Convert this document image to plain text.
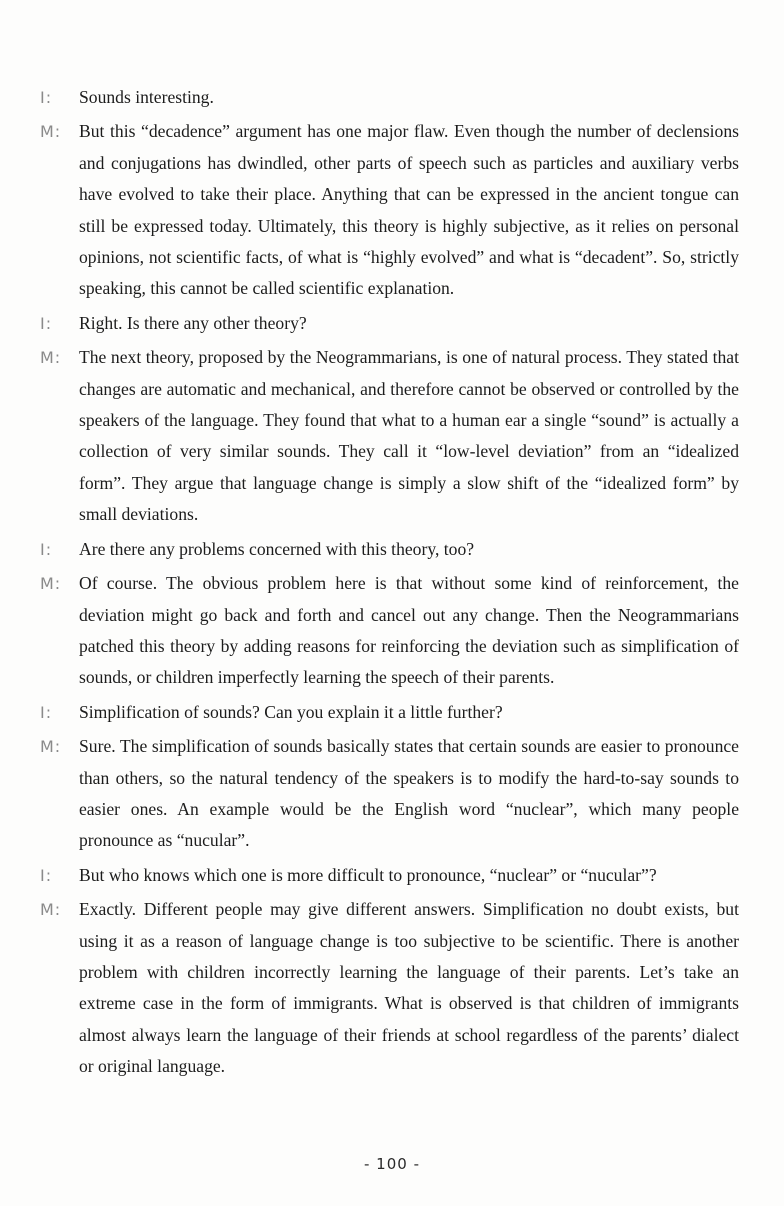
I:	Sounds interesting.
M:	But this “decadence” argument has one major flaw. Even though the number of declensions and conjugations has dwindled, other parts of speech such as particles and auxiliary verbs have evolved to take their place. Anything that can be expressed in the ancient tongue can still be expressed today. Ultimately, this theory is highly subjective, as it relies on personal opinions, not scientific facts, of what is “highly evolved” and what is “decadent”. So, strictly speaking, this cannot be called scientific explanation.
I:	Right. Is there any other theory?
M:	The next theory, proposed by the Neogrammarians, is one of natural process. They stated that changes are automatic and mechanical, and therefore cannot be observed or controlled by the speakers of the language. They found that what to a human ear a single “sound” is actually a collection of very similar sounds. They call it “low-level deviation” from an “idealized form”. They argue that language change is simply a slow shift of the “idealized form” by small deviations.
I:	Are there any problems concerned with this theory, too?
M:	Of course. The obvious problem here is that without some kind of reinforcement, the deviation might go back and forth and cancel out any change. Then the Neogrammarians patched this theory by adding reasons for reinforcing the deviation such as simplification of sounds, or children imperfectly learning the speech of their parents.
I:	Simplification of sounds? Can you explain it a little further?
M:	Sure. The simplification of sounds basically states that certain sounds are easier to pronounce than others, so the natural tendency of the speakers is to modify the hard-to-say sounds to easier ones. An example would be the English word “nuclear”, which many people pronounce as “nucular”.
I:	But who knows which one is more difficult to pronounce, “nuclear” or “nucular”?
M:	Exactly. Different people may give different answers. Simplification no doubt exists, but using it as a reason of language change is too subjective to be scientific. There is another problem with children incorrectly learning the language of their parents. Let’s take an extreme case in the form of immigrants. What is observed is that children of immigrants almost always learn the language of their friends at school regardless of the parents’ dialect or original language.
- 100 -
